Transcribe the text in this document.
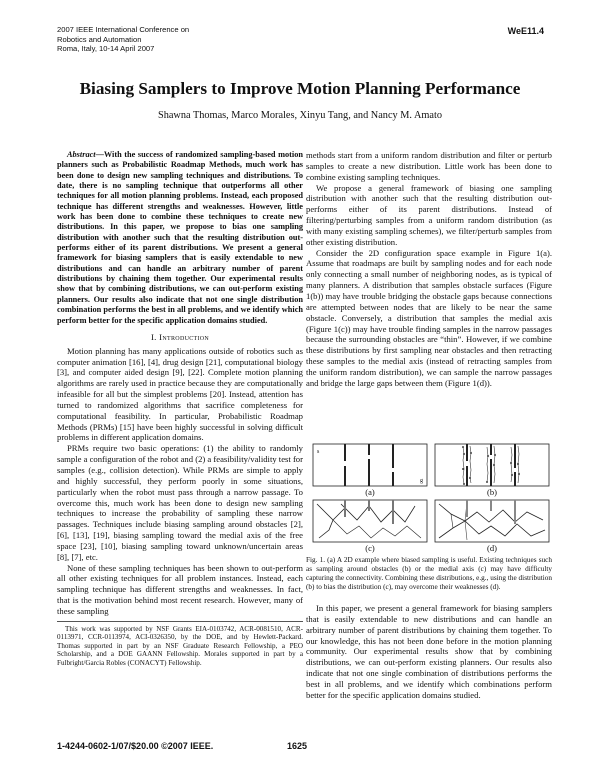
2007 IEEE International Conference on
Robotics and Automation
Roma, Italy, 10-14 April 2007
WeE11.4
Biasing Samplers to Improve Motion Planning Performance
Shawna Thomas, Marco Morales, Xinyu Tang, and Nancy M. Amato

Abstract—With the success of randomized sampling-based motion planners such as Probabilistic Roadmap Methods, much work has been done to design new sampling techniques and distributions. To date, there is no sampling technique that outperforms all other techniques for all motion planning problems. Instead, each proposed technique has different strengths and weaknesses. However, little work has been done to combine these techniques to create new distributions. In this paper, we propose to bias one sampling distribution with another such that the resulting distribution out-performs either of its parent distributions. We present a general framework for biasing samplers that is easily extendable to new distributions and can handle an arbitrary number of parent distributions by chaining them together. Our experimental results show that by combining distributions, we can out-perform existing planners. Our results also indicate that not one single distribution combination performs the best in all problems, and we identify which perform better for the specific application domains studied.

I. Introduction

Motion planning has many applications outside of robotics such as computer animation [16], [4], drug design [21], computational biology [3], and computer aided design [9], [22]. Complete motion planning algorithms are rarely used in practice because they are computationally infeasible for all but the simplest problems [20]. Instead, attention has turned to randomized algorithms that sacrifice completeness for computational feasibility. In particular, Probabilistic Roadmap Methods (PRMs) [15] have been highly successful in solving difficult problems in different application domains.

PRMs require two basic operations: (1) the ability to randomly sample a configuration of the robot and (2) a feasibility/validity test for samples (e.g., collision detection). While PRMs are simple to apply and highly successful, they perform poorly in some situations, particularly when the robot must pass through a narrow passage. To overcome this, much work has been done to design new sampling techniques to increase the probability of sampling these narrow passages. Techniques include biasing sampling around obstacles [2], [6], [13], [19], biasing sampling toward the medial axis of the free space [23], [10], biasing sampling toward unknown/uncertain areas [8], [7], etc.

None of these sampling techniques has been shown to out-perform all other existing techniques for all problem instances. Instead, each sampling technique has different strengths and weaknesses. In fact, that is the motivation behind most recent research. However, many of these sampling

This work was supported by NSF Grants EIA-0103742, ACR-0081510, ACR-0113971, CCR-0113974, ACI-0326350, by the DOE, and by Hewlett-Packard. Thomas supported in part by an NSF Graduate Research Fellowship, a PEO Scholarship, and a DOE GAANN Fellowship. Morales supported in part by a Fulbright/Garcia Robles (CONACYT) Fellowship.

methods start from a uniform random distribution and filter or perturb samples to create a new distribution. Little work has been done to combine existing sampling techniques.

We propose a general framework of biasing one sampling distribution with another such that the resulting distribution out-performs either of its parent distributions. Instead of filtering/perturbing samples from a uniform random distribution (as with many existing sampling schemes), we filter/perturb samples from other existing distribution.

Consider the 2D configuration space example in Figure 1(a). Assume that roadmaps are built by sampling nodes and for each node only connecting a small number of neighboring nodes, as is typical of many planners. A distribution that samples obstacle surfaces (Figure 1(b)) may have trouble bridging the obstacle gaps because connections are attempted between nodes that are likely to be near the same obstacle. Conversely, a distribution that samples the medial axis (Figure 1(c)) may have trouble finding samples in the narrow passages because the surrounding obstacles are “thin”. However, if we combine these distributions by first sampling near obstacles and then retracting these samples to the medial axis (instead of retracting samples from the uniform random distribution), we can sample the narrow passages and bridge the large gaps between them (Figure 1(d)).

s
g
(a)	(b)
(c)	(d)
Fig. 1. (a) A 2D example where biased sampling is useful. Existing techniques such as sampling around obstacles (b) or the medial axis (c) may have difficulty capturing the connectivity. Combining these distributions, e.g., using the distribution (b) to bias the distribution (c), may overcome their weaknesses (d).

In this paper, we present a general framework for biasing samplers that is easily extendable to new distributions and can handle an arbitrary number of parent distributions by chaining them together. To our knowledge, this has not been done before in the motion planning community. Our experimental results show that by combining distributions, we can out-perform existing planners. Our results also indicate that not one single combination of distributions performs the best in all problems, and we identify which combinations perform better for the specific application domains studied.

1-4244-0602-1/07/$20.00 ©2007 IEEE.	1625
